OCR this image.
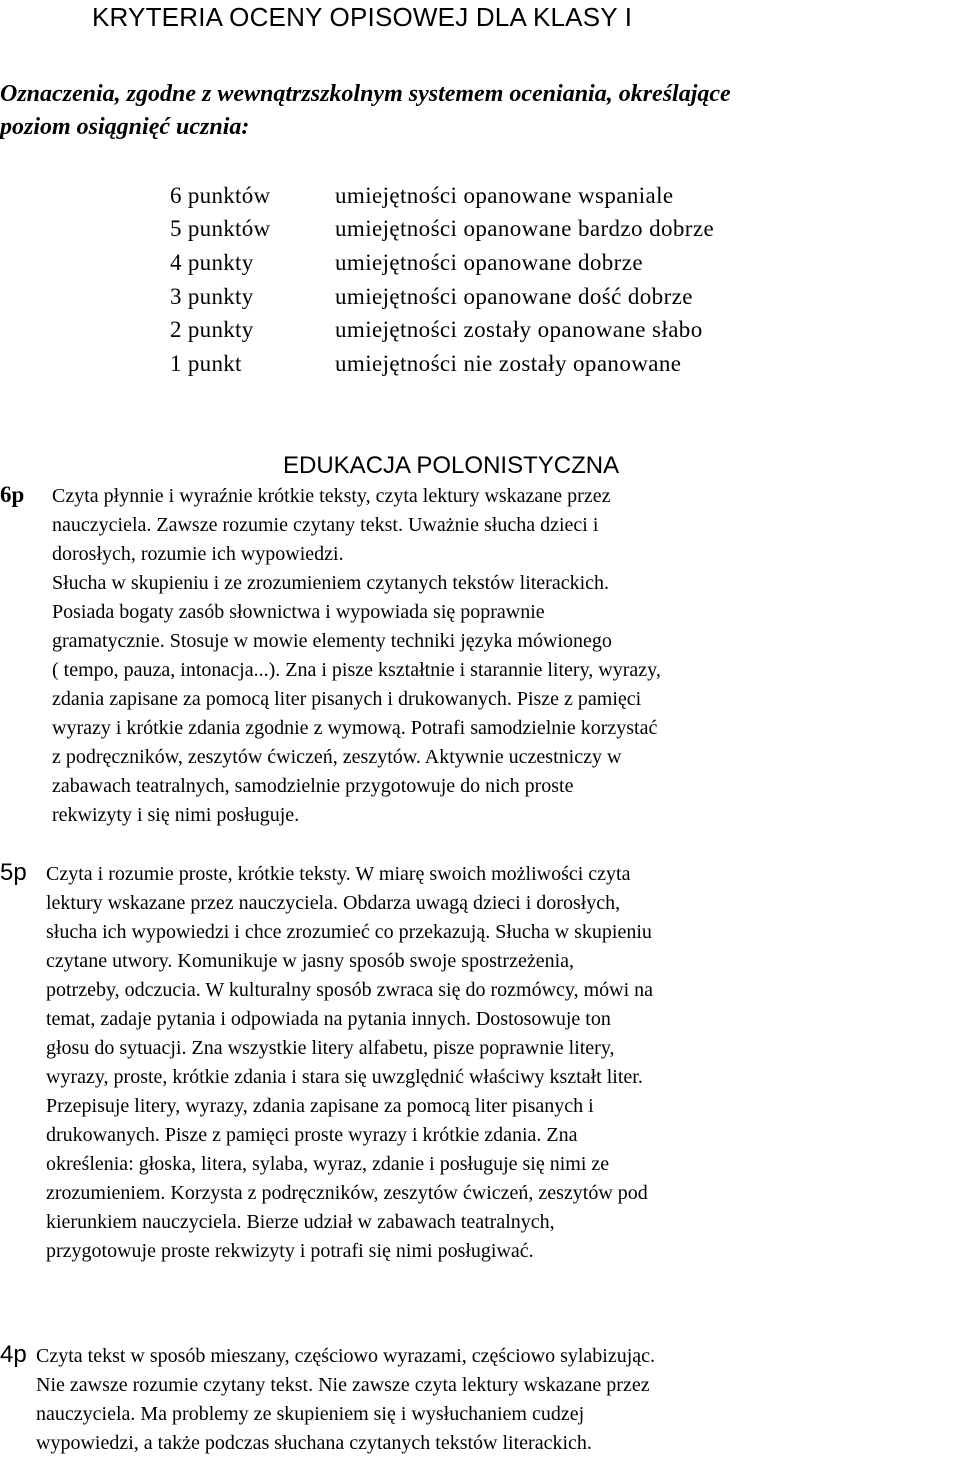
KRYTERIA OCENY OPISOWEJ DLA KLASY I
Oznaczenia, zgodne z wewnątrzszkolnym systemem oceniania, określające
poziom osiągnięć ucznia:
6 punktów	umiejętności opanowane wspaniale
5 punktów	umiejętności opanowane bardzo dobrze
4 punkty	umiejętności opanowane dobrze
3 punkty	umiejętności opanowane dość dobrze
2 punkty	umiejętności zostały opanowane słabo
1 punkt	umiejętności nie zostały opanowane
EDUKACJA POLONISTYCZNA
6p Czyta płynnie i wyraźnie krótkie teksty, czyta lektury wskazane przez
nauczyciela. Zawsze rozumie czytany tekst. Uważnie słucha dzieci i
dorosłych, rozumie ich wypowiedzi.
Słucha w skupieniu i ze zrozumieniem czytanych tekstów literackich.
Posiada bogaty zasób słownictwa i wypowiada się poprawnie
gramatycznie. Stosuje w mowie elementy techniki języka mówionego
( tempo, pauza, intonacja...). Zna i pisze kształtnie i starannie litery, wyrazy,
zdania zapisane za pomocą liter pisanych i drukowanych. Pisze z pamięci
wyrazy i krótkie zdania zgodnie z wymową. Potrafi samodzielnie korzystać
z podręczników, zeszytów ćwiczeń, zeszytów. Aktywnie uczestniczy w
zabawach teatralnych, samodzielnie przygotowuje do nich proste
rekwizyty i się nimi posługuje.
5p Czyta i rozumie proste, krótkie teksty. W miarę swoich możliwości czyta
lektury wskazane przez nauczyciela. Obdarza uwagą dzieci i dorosłych,
słucha ich wypowiedzi i chce zrozumieć co przekazują. Słucha w skupieniu
czytane utwory. Komunikuje w jasny sposób swoje spostrzeżenia,
potrzeby, odczucia. W kulturalny sposób zwraca się do rozmówcy, mówi na
temat, zadaje pytania i odpowiada na pytania innych. Dostosowuje ton
głosu do sytuacji. Zna wszystkie litery alfabetu, pisze poprawnie litery,
wyrazy, proste, krótkie zdania i stara się uwzględnić właściwy kształt liter.
Przepisuje litery, wyrazy, zdania zapisane za pomocą liter pisanych i
drukowanych. Pisze z pamięci proste wyrazy i krótkie zdania. Zna
określenia: głoska, litera, sylaba, wyraz, zdanie i posługuje się nimi ze
zrozumieniem. Korzysta z podręczników, zeszytów ćwiczeń, zeszytów pod
kierunkiem nauczyciela. Bierze udział w zabawach teatralnych,
przygotowuje proste rekwizyty i potrafi się nimi posługiwać.
4p Czyta tekst w sposób mieszany, częściowo wyrazami, częściowo sylabizując.
Nie zawsze rozumie czytany tekst. Nie zawsze czyta lektury wskazane przez
nauczyciela. Ma problemy ze skupieniem się i wysłuchaniem cudzej
wypowiedzi, a także podczas słuchana czytanych tekstów literackich.
